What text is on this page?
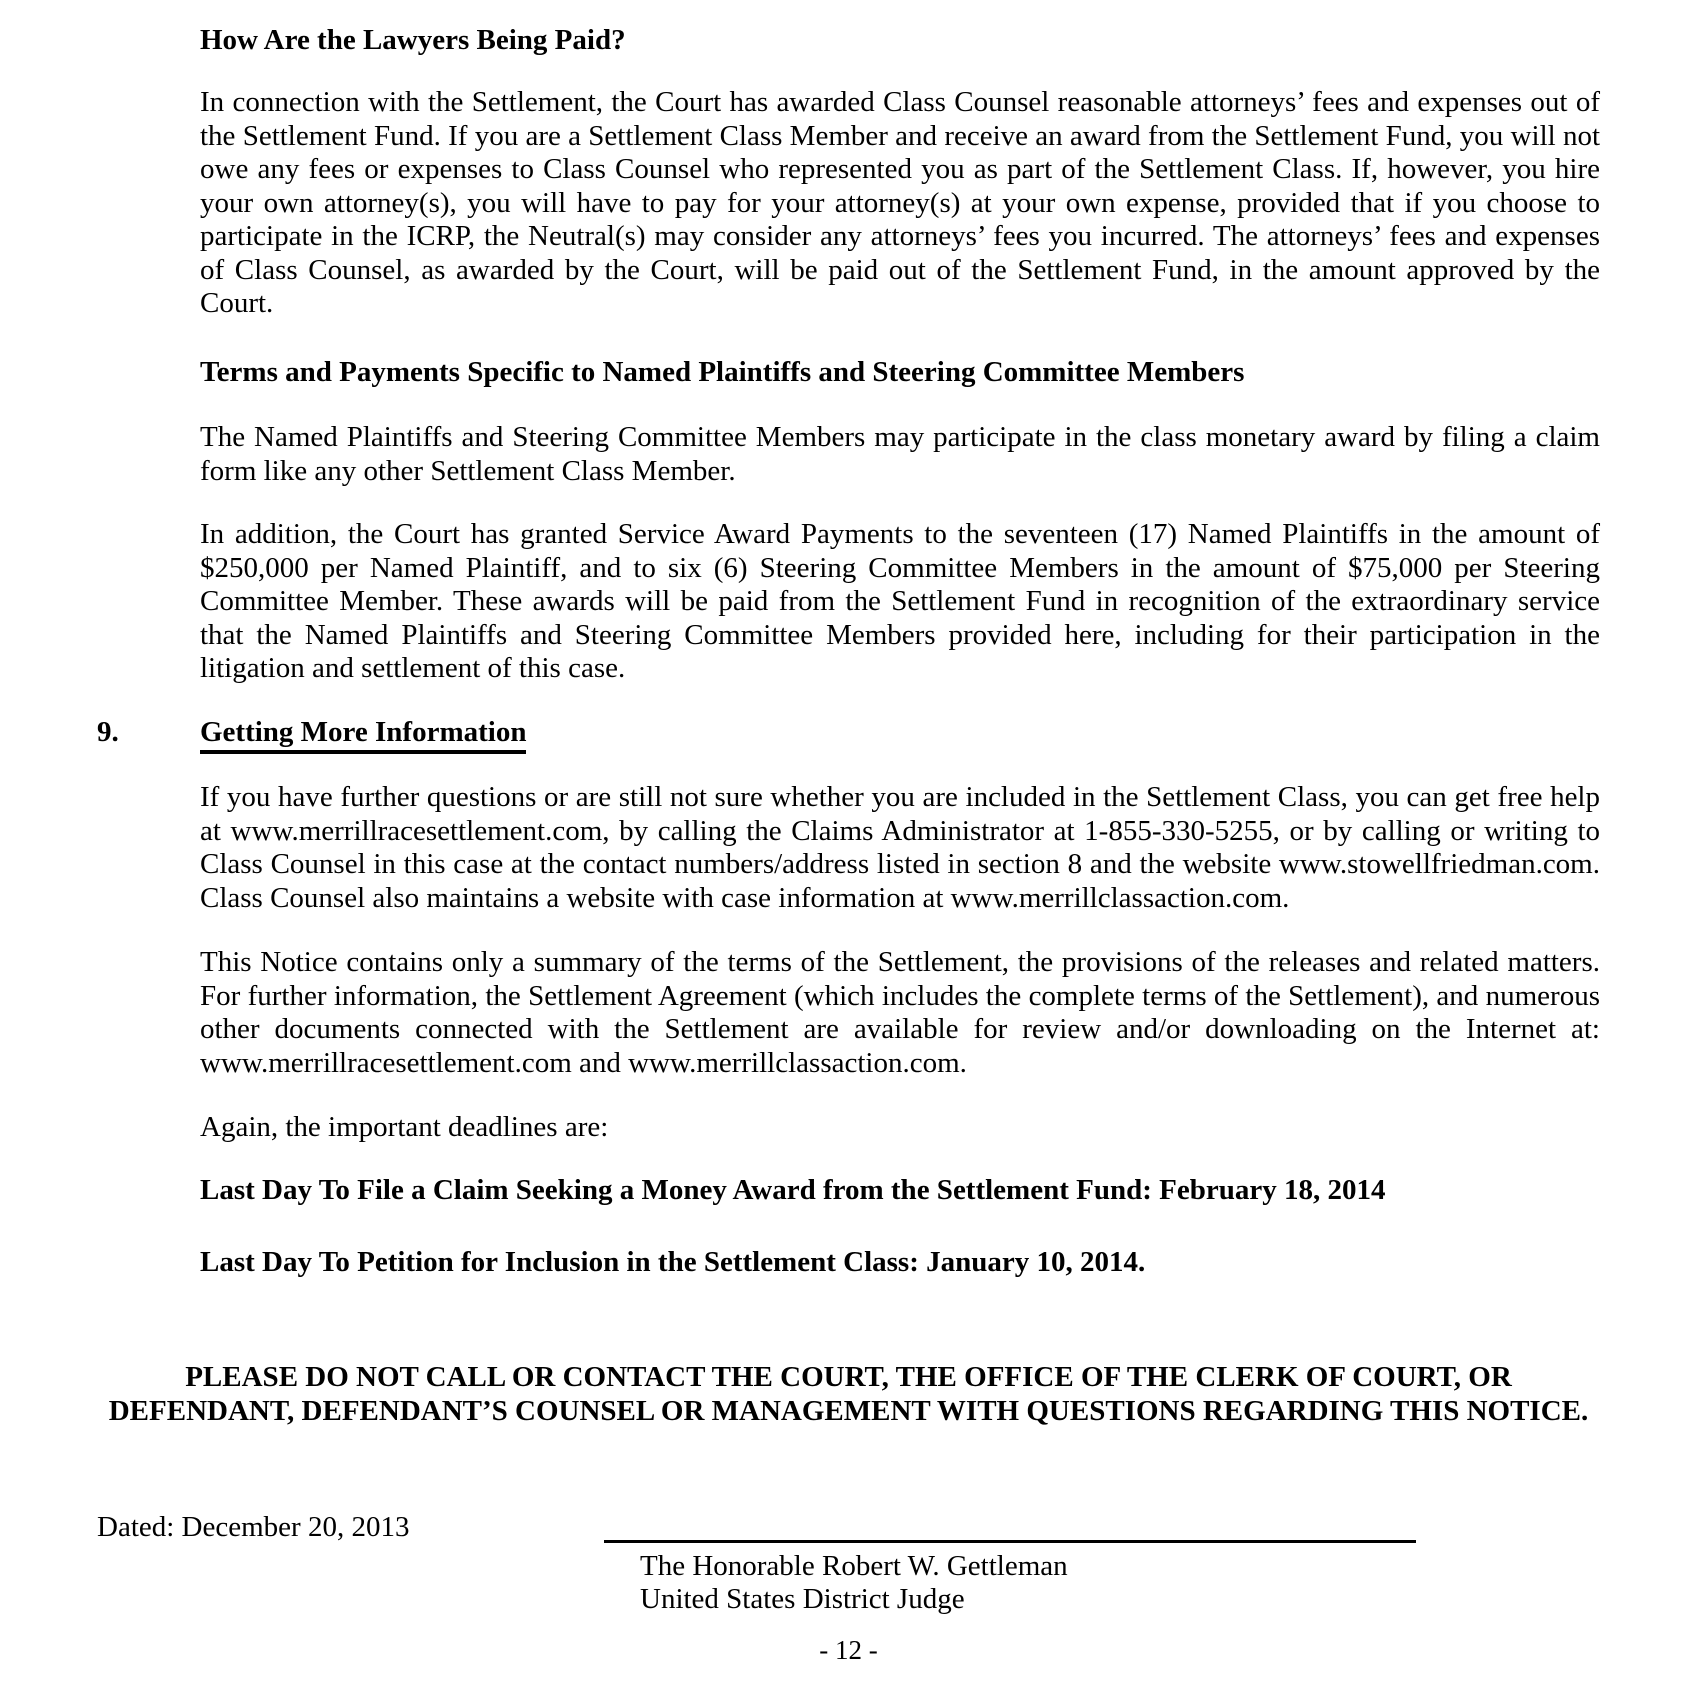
How Are the Lawyers Being Paid?
In connection with the Settlement, the Court has awarded Class Counsel reasonable attorneys’ fees and expenses out of the Settlement Fund. If you are a Settlement Class Member and receive an award from the Settlement Fund, you will not owe any fees or expenses to Class Counsel who represented you as part of the Settlement Class. If, however, you hire your own attorney(s), you will have to pay for your attorney(s) at your own expense, provided that if you choose to participate in the ICRP, the Neutral(s) may consider any attorneys’ fees you incurred. The attorneys’ fees and expenses of Class Counsel, as awarded by the Court, will be paid out of the Settlement Fund, in the amount approved by the Court.
Terms and Payments Specific to Named Plaintiffs and Steering Committee Members
The Named Plaintiffs and Steering Committee Members may participate in the class monetary award by filing a claim form like any other Settlement Class Member.
In addition, the Court has granted Service Award Payments to the seventeen (17) Named Plaintiffs in the amount of $250,000 per Named Plaintiff, and to six (6) Steering Committee Members in the amount of $75,000 per Steering Committee Member. These awards will be paid from the Settlement Fund in recognition of the extraordinary service that the Named Plaintiffs and Steering Committee Members provided here, including for their participation in the litigation and settlement of this case.
9.	Getting More Information
If you have further questions or are still not sure whether you are included in the Settlement Class, you can get free help at www.merrillracesettlement.com, by calling the Claims Administrator at 1-855-330-5255, or by calling or writing to Class Counsel in this case at the contact numbers/address listed in section 8 and the website www.stowellfriedman.com. Class Counsel also maintains a website with case information at www.merrillclassaction.com.
This Notice contains only a summary of the terms of the Settlement, the provisions of the releases and related matters. For further information, the Settlement Agreement (which includes the complete terms of the Settlement), and numerous other documents connected with the Settlement are available for review and/or downloading on the Internet at: www.merrillracesettlement.com and www.merrillclassaction.com.
Again, the important deadlines are:
Last Day To File a Claim Seeking a Money Award from the Settlement Fund: February 18, 2014
Last Day To Petition for Inclusion in the Settlement Class: January 10, 2014.
PLEASE DO NOT CALL OR CONTACT THE COURT, THE OFFICE OF THE CLERK OF COURT, OR DEFENDANT, DEFENDANT’S COUNSEL OR MANAGEMENT WITH QUESTIONS REGARDING THIS NOTICE.
Dated: December 20, 2013
The Honorable Robert W. Gettleman
United States District Judge
- 12 -
